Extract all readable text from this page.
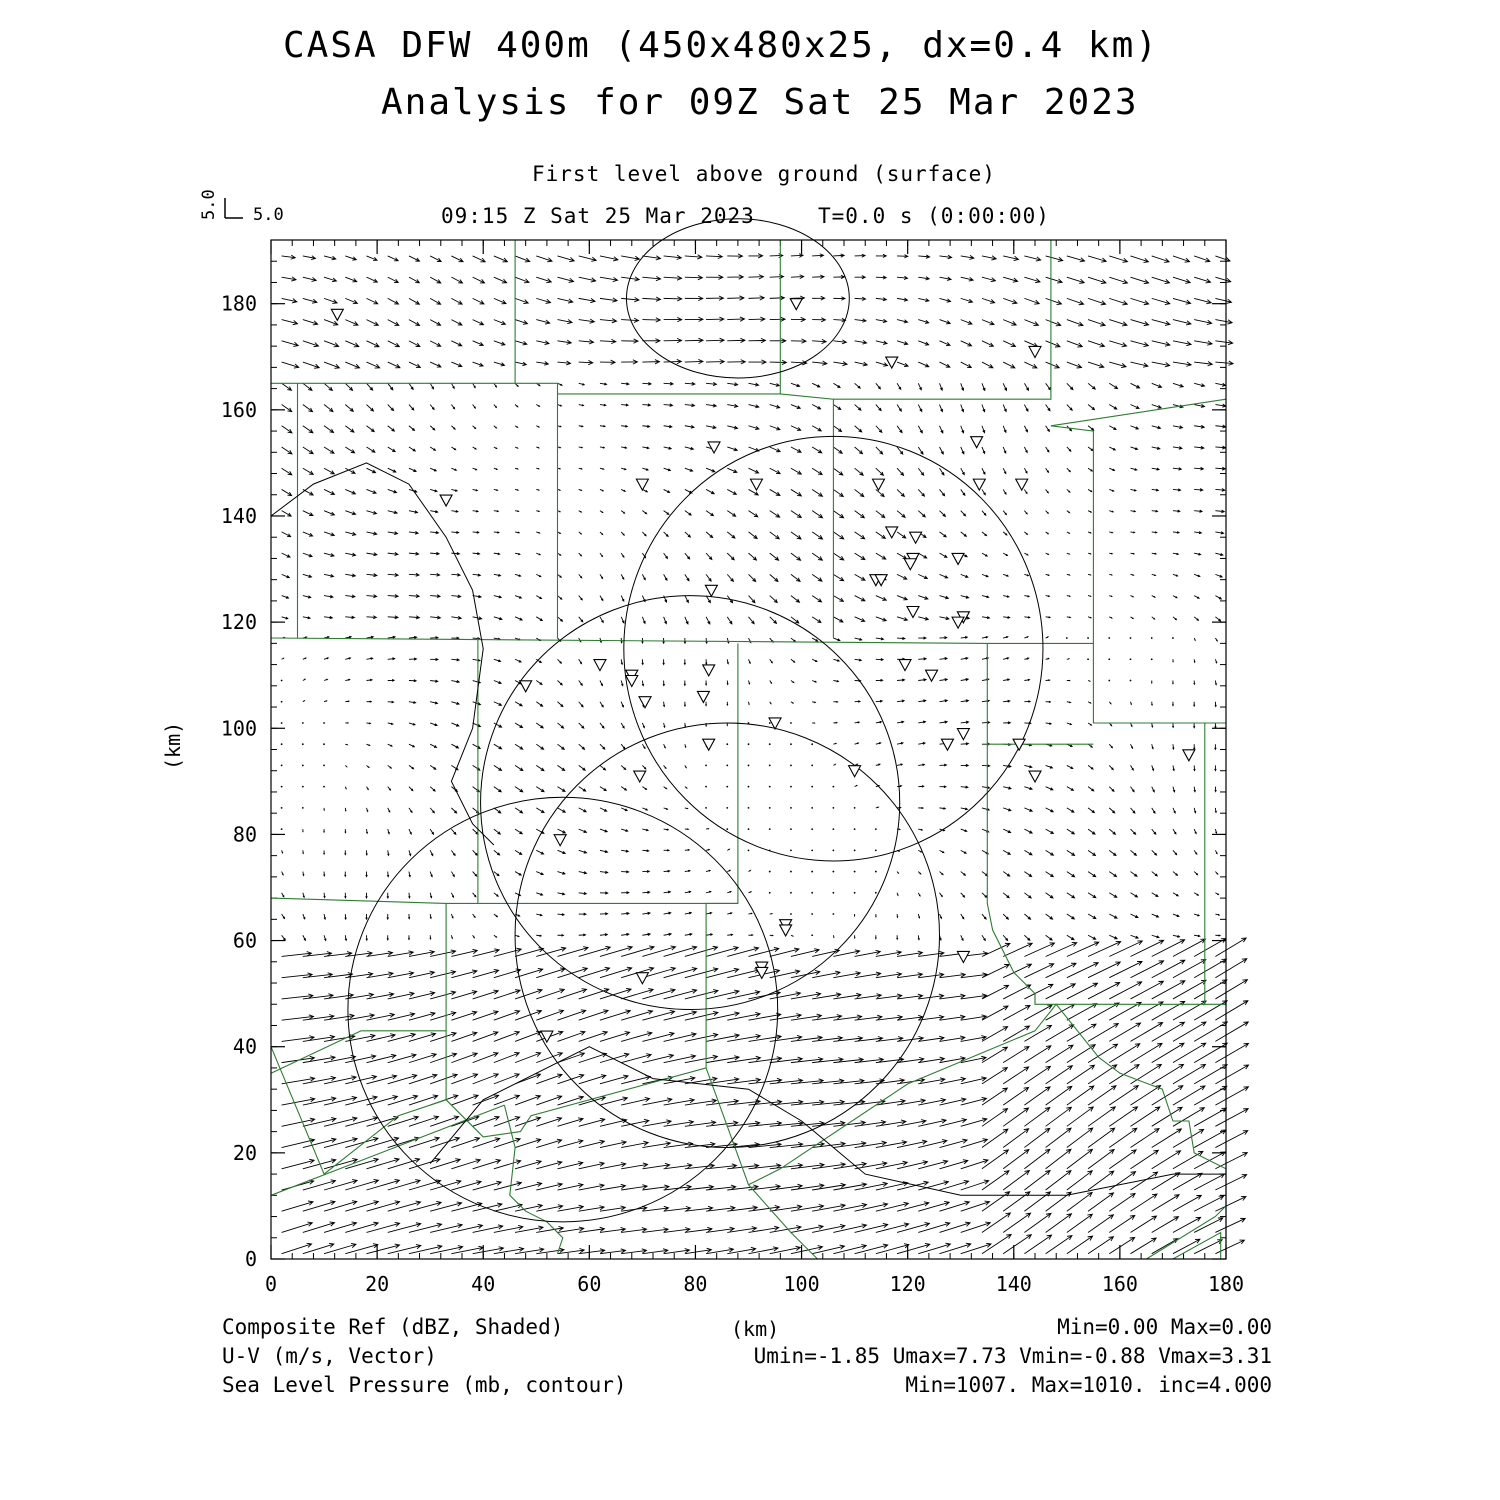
CASA DFW 400m (450x480x25, dx=0.4 km)
Analysis for 09Z Sat 25 Mar 2023
First level above ground (surface)
09:15 Z Sat 25 Mar 2023	T=0.0 s (0:00:00)
5.0
5.0
0	20	40	60	80	100	120	140	160	180
0
20
40
60
80
100
120
140
160
180
(km)
(km)
Composite Ref (dBZ, Shaded)	Min=0.00 Max=0.00
U-V (m/s, Vector)	Umin=-1.85 Umax=7.73 Vmin=-0.88 Vmax=3.31
Sea Level Pressure (mb, contour)	Min=1007. Max=1010. inc=4.000
